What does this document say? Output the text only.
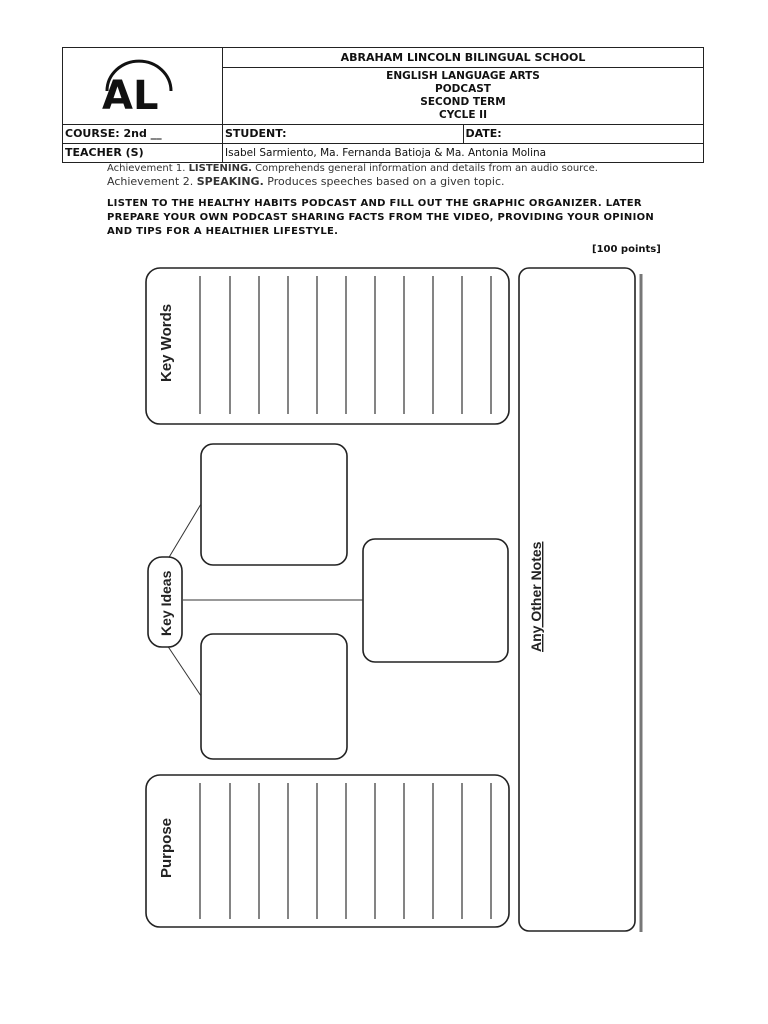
AL	ABRAHAM LINCOLN BILINGUAL SCHOOL	

	ENGLISH LANGUAGE ARTS
PODCAST
SECOND TERM
CYCLE II	

COURSE: 2nd __	STUDENT:	DATE:
TEACHER (S)	Isabel Sarmiento, Ma. Fernanda Batioja & Ma. Antonia Molina	
Achievement 1. LISTENING. Comprehends general information and details from an audio source.
Achievement 2. SPEAKING. Produces speeches based on a given topic.
LISTEN TO THE HEALTHY HABITS PODCAST AND FILL OUT THE GRAPHIC ORGANIZER. LATER PREPARE YOUR OWN PODCAST SHARING FACTS FROM THE VIDEO, PROVIDING YOUR OPINION AND TIPS FOR A HEALTHIER LIFESTYLE.
[100 points]
Key Words
Any Other Notes
Key Ideas
Purpose
